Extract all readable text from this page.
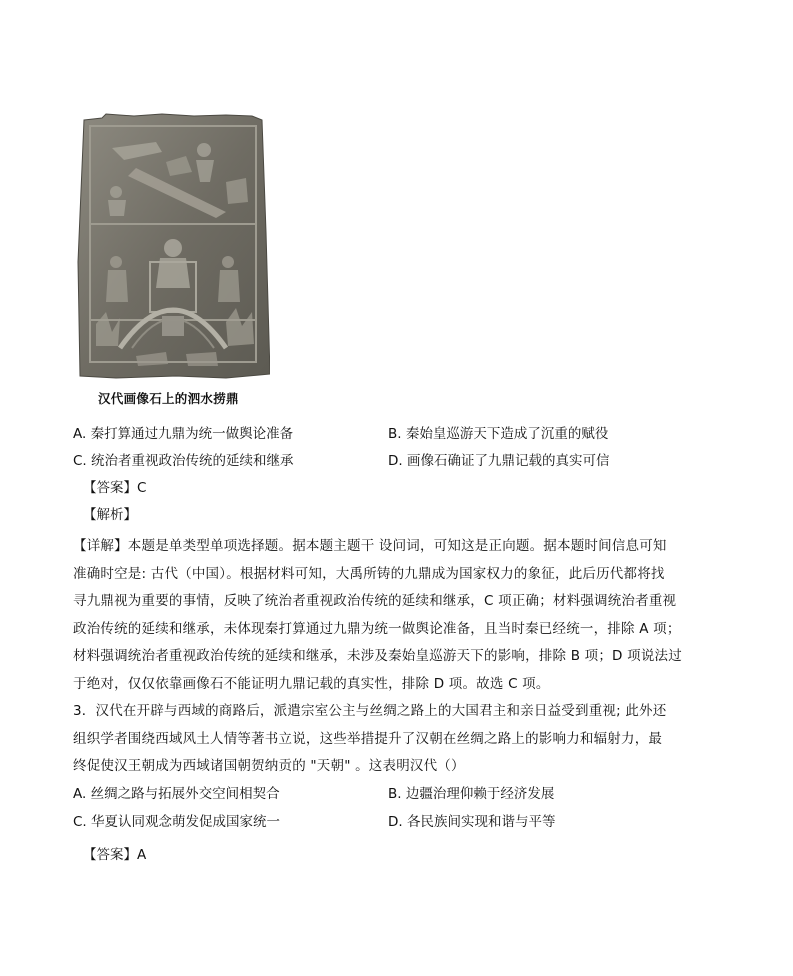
汉代画像石上的泗水捞鼎
A. 秦打算通过九鼎为统一做舆论准备	B. 秦始皇巡游天下造成了沉重的赋役
C. 统治者重视政治传统的延续和继承	D. 画像石确证了九鼎记载的真实可信
【答案】C
【解析】
【详解】本题是单类型单项选择题。据本题主题干 设问词，可知这是正向题。据本题时间信息可知
准确时空是: 古代（中国）。根据材料可知，大禹所铸的九鼎成为国家权力的象征，此后历代都将找
寻九鼎视为重要的事情，反映了统治者重视政治传统的延续和继承，C 项正确；材料强调统治者重视
政治传统的延续和继承，未体现秦打算通过九鼎为统一做舆论准备，且当时秦已经统一，排除 A 项；
材料强调统治者重视政治传统的延续和继承，未涉及秦始皇巡游天下的影响，排除 B 项；D 项说法过
于绝对，仅仅依靠画像石不能证明九鼎记载的真实性，排除 D 项。故选 C 项。
3．汉代在开辟与西域的商路后，派遣宗室公主与丝绸之路上的大国君主和亲日益受到重视; 此外还
组织学者围绕西域风土人情等著书立说，这些举措提升了汉朝在丝绸之路上的影响力和辐射力，最
终促使汉王朝成为西域诸国朝贺纳贡的 "天朝" 。这表明汉代（）
A. 丝绸之路与拓展外交空间相契合	B. 边疆治理仰赖于经济发展
C. 华夏认同观念萌发促成国家统一	D. 各民族间实现和谐与平等
【答案】A
